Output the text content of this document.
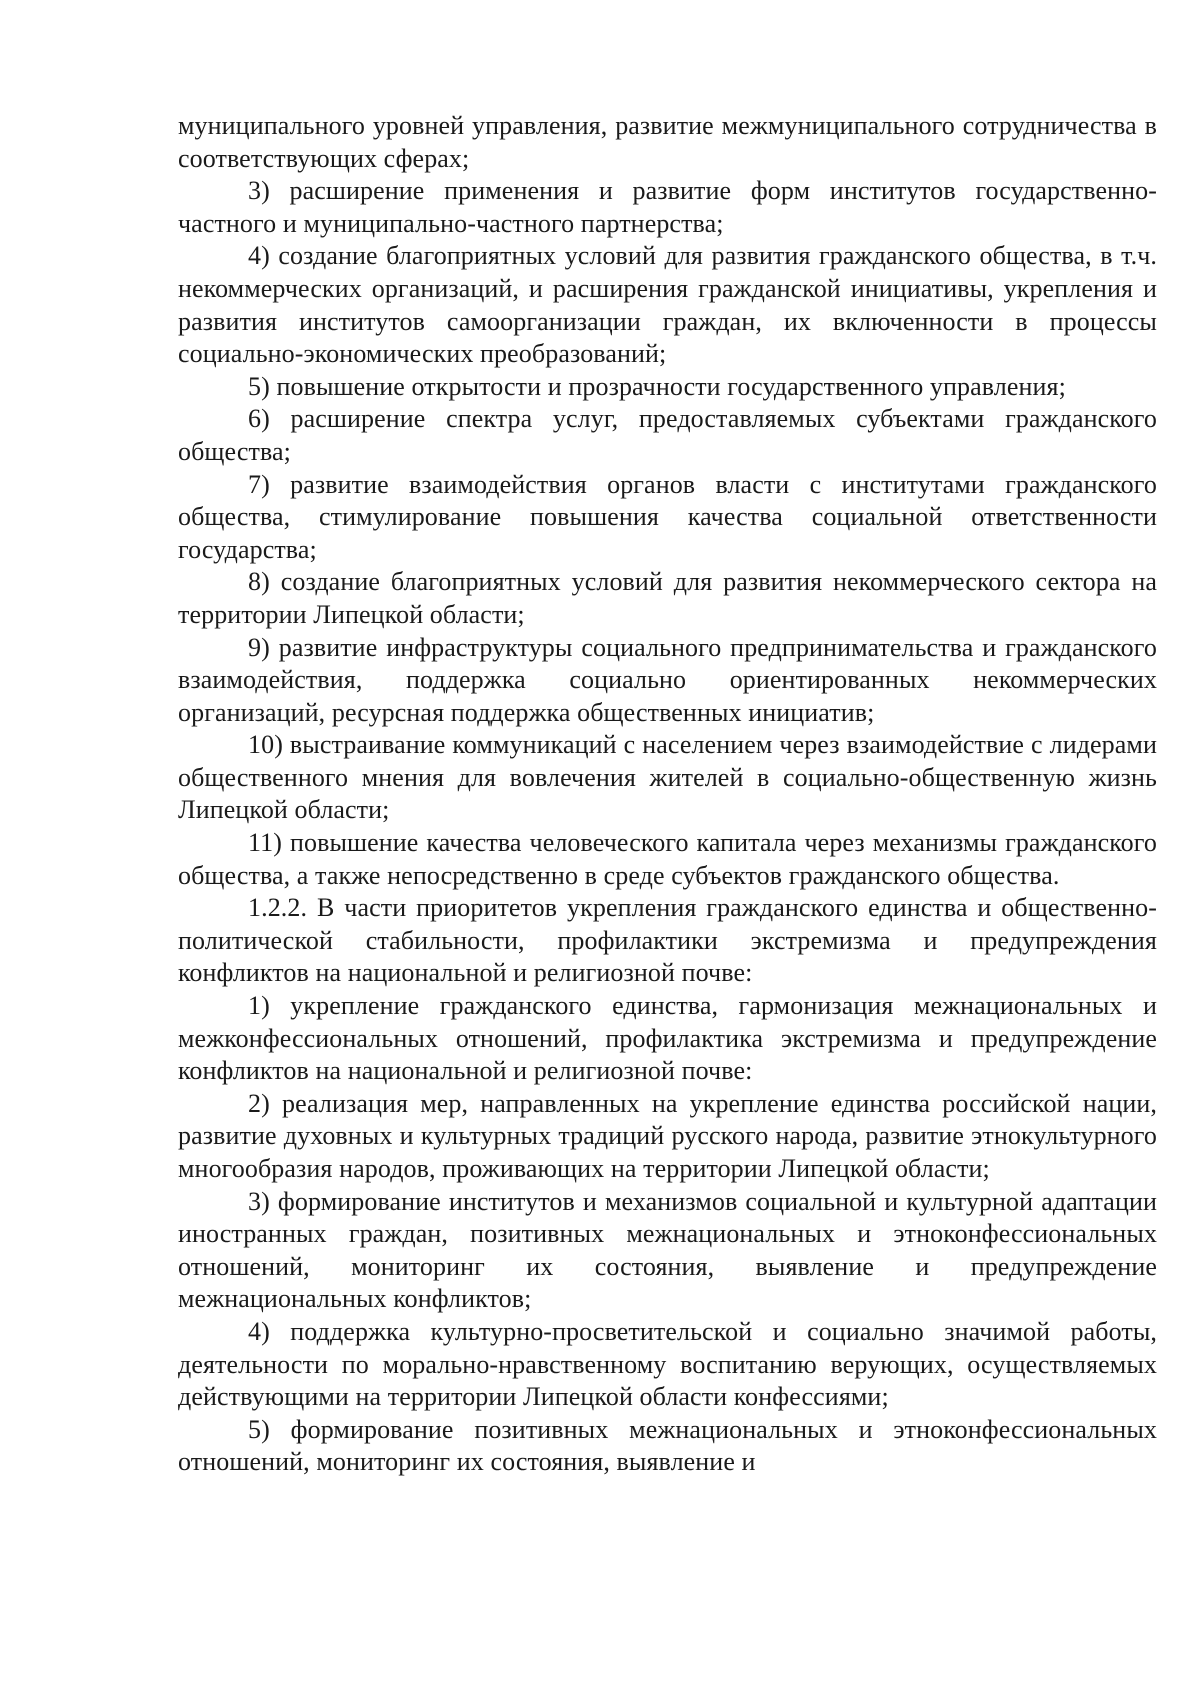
муниципального уровней управления, развитие межмуниципального сотрудничества в соответствующих сферах;

3) расширение применения и развитие форм институтов государственно-частного и муниципально-частного партнерства;

4) создание благоприятных условий для развития гражданского общества, в т.ч. некоммерческих организаций, и расширения гражданской инициативы, укрепления и развития институтов самоорганизации граждан, их включенности в процессы социально-экономических преобразований;

5) повышение открытости и прозрачности государственного управления;

6) расширение спектра услуг, предоставляемых субъектами гражданского общества;

7) развитие взаимодействия органов власти с институтами гражданского общества, стимулирование повышения качества социальной ответственности государства;

8) создание благоприятных условий для развития некоммерческого сектора на территории Липецкой области;

9) развитие инфраструктуры социального предпринимательства и гражданского взаимодействия, поддержка социально ориентированных некоммерческих организаций, ресурсная поддержка общественных инициатив;

10) выстраивание коммуникаций с населением через взаимодействие с лидерами общественного мнения для вовлечения жителей в социально-общественную жизнь Липецкой области;

11) повышение качества человеческого капитала через механизмы гражданского общества, а также непосредственно в среде субъектов гражданского общества.

1.2.2. В части приоритетов укрепления гражданского единства и общественно-политической стабильности, профилактики экстремизма и предупреждения конфликтов на национальной и религиозной почве:

1) укрепление гражданского единства, гармонизация межнациональных и межконфессиональных отношений, профилактика экстремизма и предупреждение конфликтов на национальной и религиозной почве:

2) реализация мер, направленных на укрепление единства российской нации, развитие духовных и культурных традиций русского народа, развитие этнокультурного многообразия народов, проживающих на территории Липецкой области;

3) формирование институтов и механизмов социальной и культурной адаптации иностранных граждан, позитивных межнациональных и этноконфессиональных отношений, мониторинг их состояния, выявление и предупреждение межнациональных конфликтов;

4) поддержка культурно-просветительской и социально значимой работы, деятельности по морально-нравственному воспитанию верующих, осуществляемых действующими на территории Липецкой области конфессиями;

5) формирование позитивных межнациональных и этноконфессиональных отношений, мониторинг их состояния, выявление и
